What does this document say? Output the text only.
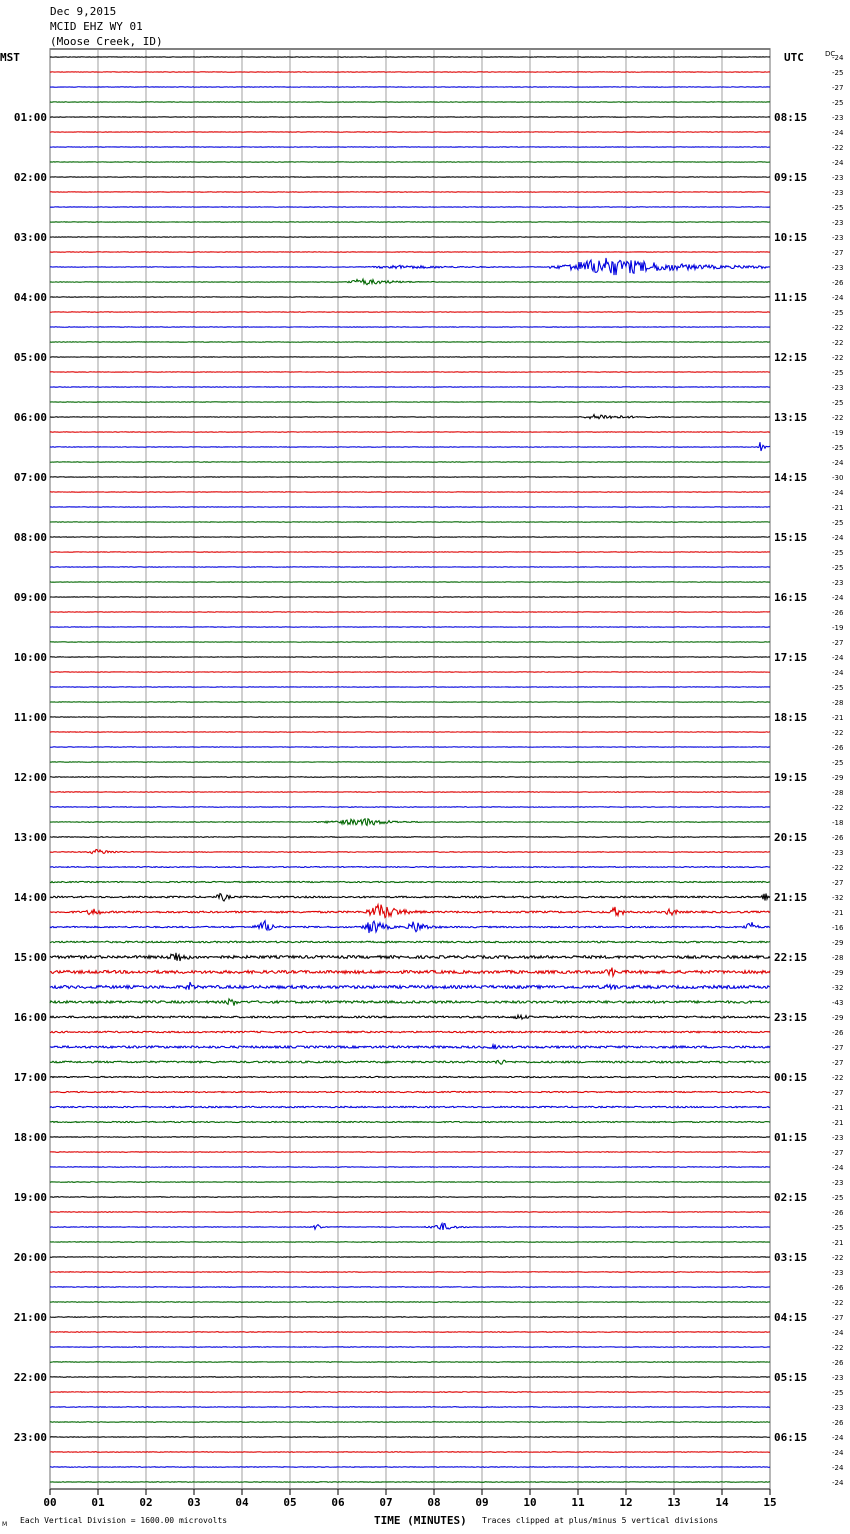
Dec 9,2015
MCID EHZ WY 01
(Moose Creek, ID)
00	01	02	03	04	05	06	07	08	09	10	11	12	13	14	15
-24
-25
-27
-25
-23
-24
-22
-24
-23
-23
-25
-23
-23
-27
-23
-26
-24
-25
-22
-22
-22
-25
-23
-25
-22
-19
-25
-24
-30
-24
-21
-25
-24
-25
-25
-23
-24
-26
-19
-27
-24
-24
-25
-28
-21
-22
-26
-25
-29
-28
-22
-18
-26
-23
-22
-27
-32
-21
-16
-29
-28
-29
-32
-43
-29
-26
-27
-27
-22
-27
-21
-21
-23
-27
-24
-23
-25
-26
-25
-21
-22
-23
-26
-22
-27
-24
-22
-26
-23
-25
-23
-26
-24
-24
-24
-24
01:00
02:00
03:00
04:00
05:00
06:00
07:00
08:00
09:00
10:00
11:00
12:00
13:00
14:00
15:00
16:00
17:00
18:00
19:00
20:00
21:00
22:00
23:00
08:15
09:15
10:15
11:15
12:15
13:15
14:15
15:15
16:15
17:15
18:15
19:15
20:15
21:15
22:15
23:15
00:15
01:15
02:15
03:15
04:15
05:15
06:15
MST	UTC	DC
Each Vertical Division = 1600.00 microvolts	TIME (MINUTES) Traces clipped at plus/minus 5 vertical divisions
M
